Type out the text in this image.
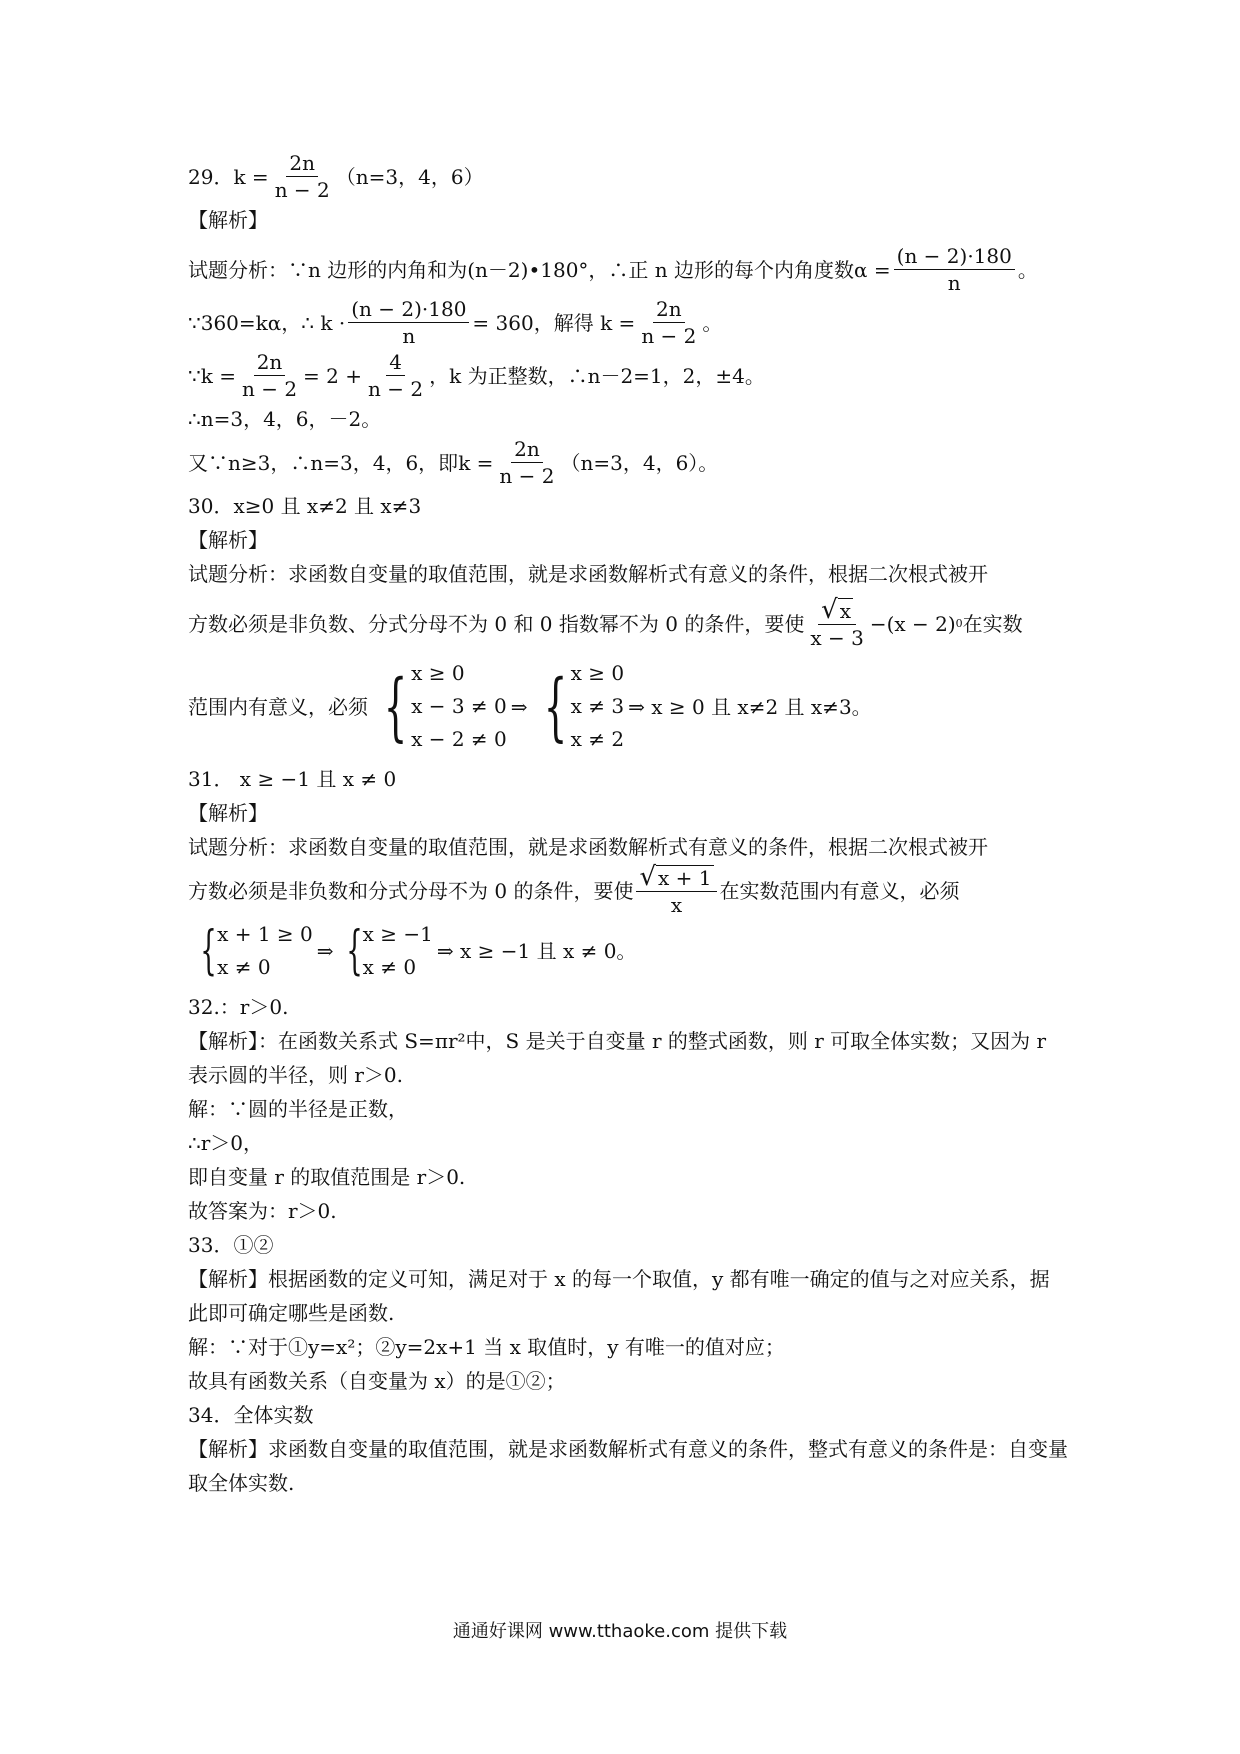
29． $k = \frac{2n}{n - 2} (n=3$，4，6）
【解析】
试题分析：∵n 边形的内角和为(n－2)•180°，∴正 n 边形的每个内角度数 $\alpha = \frac{(n - 2)\cdot 180}{n}$ 。
∵360=kα， ∴ $k \cdot \frac{(n - 2)\cdot 180}{n} = 360$ ，解得
$k = \frac{2n}{n - 2}$ 。
∵ $k = \frac{2n}{n - 2} = 2 + \frac{4}{n - 2}$ ，k 为正整数，∴n－2=1，2，±4。
∴n=3，4，6，－2。
又∵n≥3，∴n=3，4，6，即 $k = \frac{2n}{n - 2} (n=3$，4，6）。
30．x≥0 且 x≠2 且 x≠3
【解析】
试题分析：求函数自变量的取值范围，就是求函数解析式有意义的条件，根据二次根式被开
方数必须是非负数、分式分母不为 0 和 0 指数幂不为 0 的条件，要使 $\frac{√ x}{x - 3} -(x - 2)$ 0 在实数
范围内有意义，必须 { x ≥ 0
x − 3 ≠ 0
x − 2 ≠ 0
⇒ { x ≥ 0
x ≠ 3
x ≠ 2
⇒ x ≥ 0 且 x≠2 且 x≠3。
31． x ≥ −1 且 x ≠ 0
【解析】
试题分析：求函数自变量的取值范围，就是求函数解析式有意义的条件，根据二次根式被开
方数必须是非负数和分式分母不为 0 的条件，要使 $\frac{√ x + 1}{x}$ 在实数范围内有意义，必须
{ x + 1 ≥ 0
x ≠ 0
⇒ { x ≥ −1
x ≠ 0
⇒ x ≥ −1 且 x ≠ 0。
32.：r＞0.
【解析】：在函数关系式 S=πr²中，S 是关于自变量 r 的整式函数，则 r 可取全体实数；又因为 r 表示圆的半径，则 r＞0.
解：∵圆的半径是正数，
∴r＞0，
即自变量 r 的取值范围是 r＞0.
故答案为：r＞0.
33．①②
【解析】根据函数的定义可知，满足对于 x 的每一个取值，y 都有唯一确定的值与之对应关系，据此即可确定哪些是函数.
解：∵对于①y=x²；②y=2x+1 当 x 取值时，y 有唯一的值对应；
故具有函数关系（自变量为 x）的是①②；
34．全体实数
【解析】求函数自变量的取值范围，就是求函数解析式有意义的条件，整式有意义的条件是：自变量取全体实数.
通通好课网 www.tthaoke.com 提供下载
